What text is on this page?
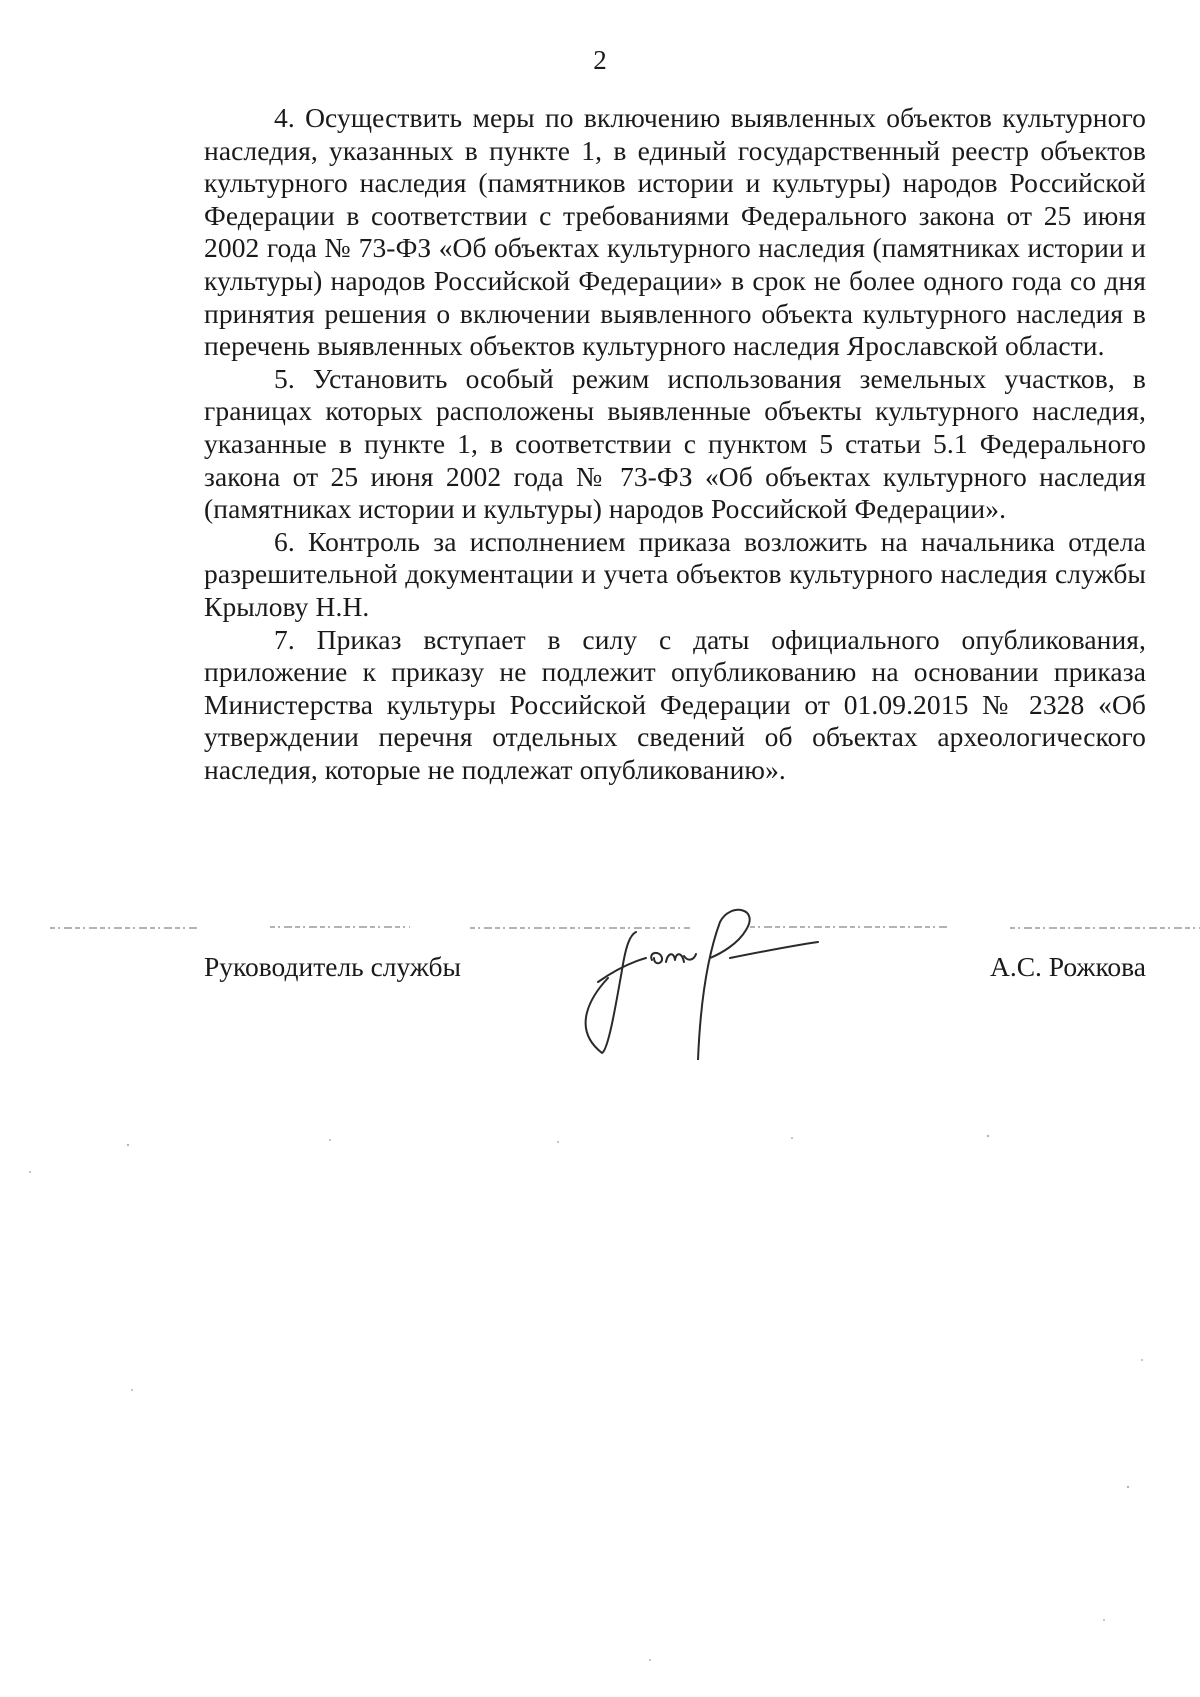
2

4. Осуществить меры по включению выявленных объектов культурного наследия, указанных в пункте 1, в единый государственный реестр объектов культурного наследия (памятников истории и культуры) народов Российской Федерации в соответствии с требованиями Федерального закона от 25 июня 2002 года № 73-ФЗ «Об объектах культурного наследия (памятниках истории и культуры) народов Российской Федерации» в срок не более одного года со дня принятия решения о включении выявленного объекта культурного наследия в перечень выявленных объектов культурного наследия Ярославской области.

5. Установить особый режим использования земельных участков, в границах которых расположены выявленные объекты культурного наследия, указанные в пункте 1, в соответствии с пунктом 5 статьи 5.1 Федерального закона от 25 июня 2002 года № 73-ФЗ «Об объектах культурного наследия (памятниках истории и культуры) народов Российской Федерации».

6. Контроль за исполнением приказа возложить на начальника отдела разрешительной документации и учета объектов культурного наследия службы Крылову Н.Н.

7. Приказ вступает в силу с даты официального опубликования, приложение к приказу не подлежит опубликованию на основании приказа Министерства культуры Российской Федерации от 01.09.2015 № 2328 «Об утверждении перечня отдельных сведений об объектах археологического наследия, которые не подлежат опубликованию».

Руководитель службы	А.С. Рожкова
